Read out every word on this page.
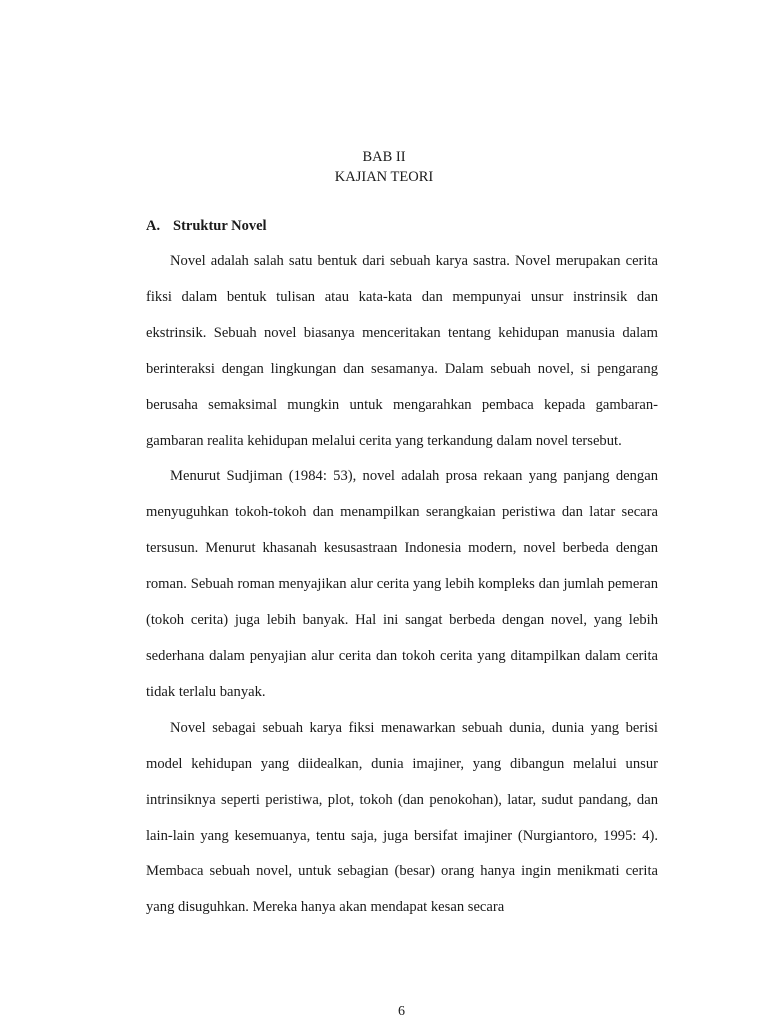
BAB II
KAJIAN TEORI
A. Struktur Novel

Novel adalah salah satu bentuk dari sebuah karya sastra. Novel merupakan cerita fiksi dalam bentuk tulisan atau kata-kata dan mempunyai unsur instrinsik dan ekstrinsik. Sebuah novel biasanya menceritakan tentang kehidupan manusia dalam berinteraksi dengan lingkungan dan sesamanya. Dalam sebuah novel, si pengarang berusaha semaksimal mungkin untuk mengarahkan pembaca kepada gambaran-gambaran realita kehidupan melalui cerita yang terkandung dalam novel tersebut.

Menurut Sudjiman (1984: 53), novel adalah prosa rekaan yang panjang dengan menyuguhkan tokoh-tokoh dan menampilkan serangkaian peristiwa dan latar secara tersusun. Menurut khasanah kesusastraan Indonesia modern, novel berbeda dengan roman. Sebuah roman menyajikan alur cerita yang lebih kompleks dan jumlah pemeran (tokoh cerita) juga lebih banyak. Hal ini sangat berbeda dengan novel, yang lebih sederhana dalam penyajian alur cerita dan tokoh cerita yang ditampilkan dalam cerita tidak terlalu banyak.

Novel sebagai sebuah karya fiksi menawarkan sebuah dunia, dunia yang berisi model kehidupan yang diidealkan, dunia imajiner, yang dibangun melalui unsur intrinsiknya seperti peristiwa, plot, tokoh (dan penokohan), latar, sudut pandang, dan lain-lain yang kesemuanya, tentu saja, juga bersifat imajiner (Nurgiantoro, 1995: 4). Membaca sebuah novel, untuk sebagian (besar) orang hanya ingin menikmati cerita yang disuguhkan. Mereka hanya akan mendapat kesan secara

6
